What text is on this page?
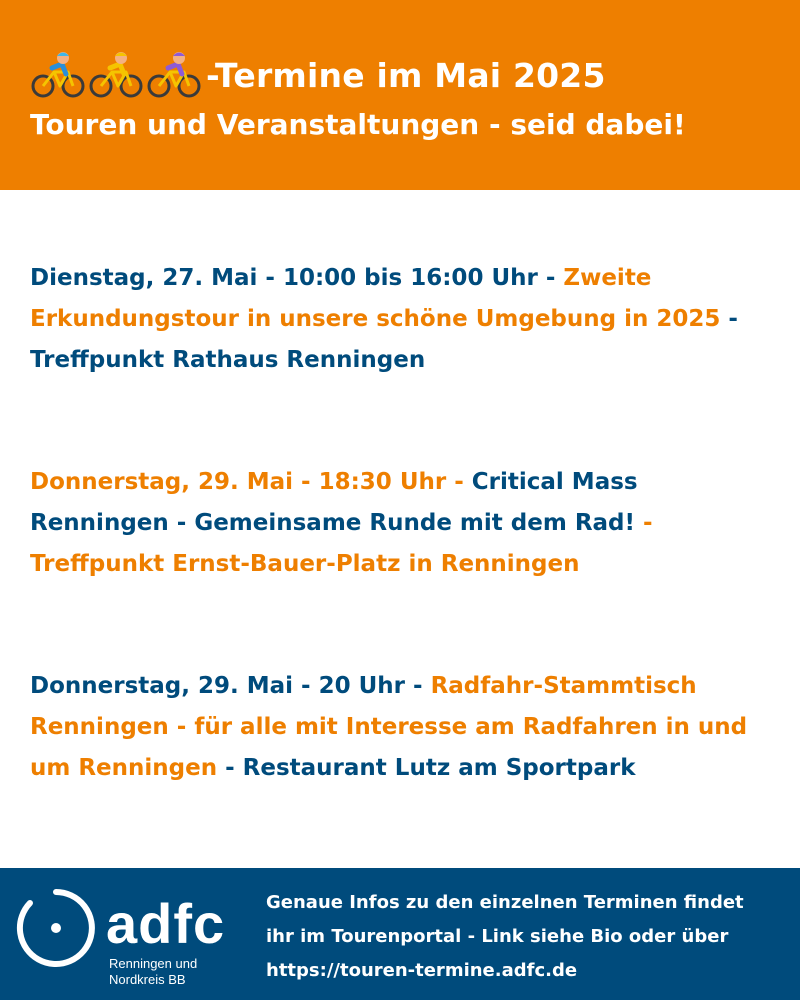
-Termine im Mai 2025
Touren und Veranstaltungen - seid dabei!
Dienstag, 27. Mai - 10:00 bis 16:00 Uhr - Zweite Erkundungstour in unsere schöne Umgebung in 2025 - Treffpunkt Rathaus Renningen
Donnerstag, 29. Mai - 18:30 Uhr - Critical Mass Renningen - Gemeinsame Runde mit dem Rad! - Treffpunkt Ernst-Bauer-Platz in Renningen
Donnerstag, 29. Mai - 20 Uhr - Radfahr-Stammtisch Renningen - für alle mit Interesse am Radfahren in und um Renningen - Restaurant Lutz am Sportpark
adfc
Renningen und
Nordkreis BB
Genaue Infos zu den einzelnen Terminen findet
ihr im Tourenportal - Link siehe Bio oder über
https://touren-termine.adfc.de
